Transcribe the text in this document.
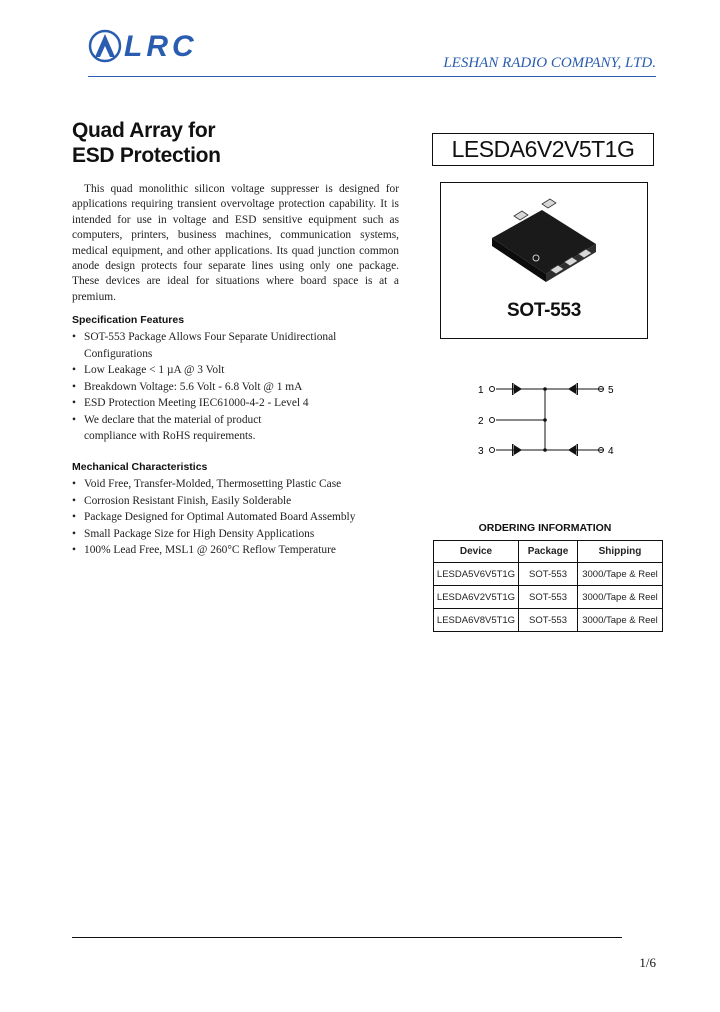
LRC	LESHAN RADIO COMPANY, LTD.
Quad Array for
ESD Protection	LESDA6V2V5T1G

This quad monolithic silicon voltage suppresser is designed for applications requiring transient overvoltage protection capability. It is intended for use in voltage and ESD sensitive equipment such as computers, printers, business machines, communication systems, medical equipment, and other applications. Its quad junction common anode design protects four separate lines using only one package. These devices are ideal for situations where board space is at a premium.

Specification Features
• SOT-553 Package Allows Four Separate Unidirectional Configurations
• Low Leakage < 1 µA @ 3 Volt
• Breakdown Voltage: 5.6 Volt - 6.8 Volt @ 1 mA
• ESD Protection Meeting IEC61000-4-2 - Level 4
• We declare that the material of product compliance with RoHS requirements.
Mechanical Characteristics
• Void Free, Transfer-Molded, Thermosetting Plastic Case
• Corrosion Resistant Finish, Easily Solderable
• Package Designed for Optimal Automated Board Assembly
• Small Package Size for High Density Applications
• 100% Lead Free, MSL1 @ 260°C Reflow Temperature
SOT-553
1
2
3	4
5
ORDERING INFORMATION
Device	Package	Shipping
LESDA5V6V5T1G	SOT-553	3000/Tape & Reel
LESDA6V2V5T1G	SOT-553	3000/Tape & Reel
LESDA6V8V5T1G	SOT-553	3000/Tape & Reel
1/6
